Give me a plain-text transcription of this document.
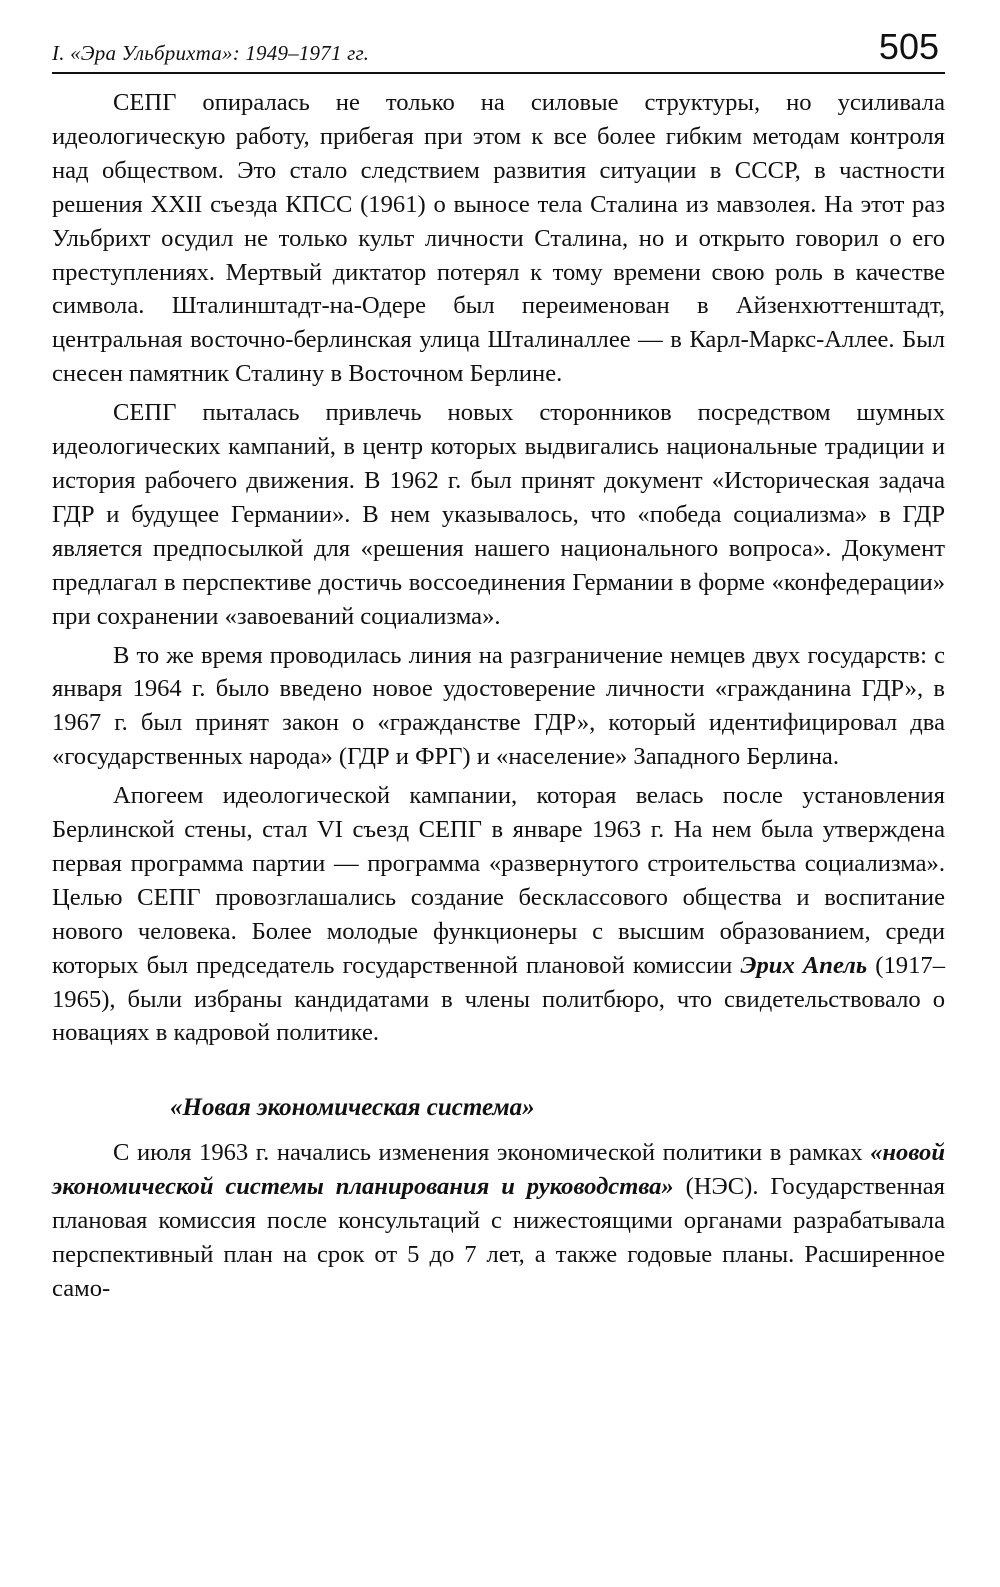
I. «Эра Ульбрихта»: 1949–1971 гг.	505

СЕПГ опиралась не только на силовые структуры, но усиливала идеологическую работу, прибегая при этом к все более гибким методам контроля над обществом. Это стало следствием развития ситуации в СССР, в частности решения XXII съезда КПСС (1961) о выносе тела Сталина из мавзолея. На этот раз Ульбрихт осудил не только культ личности Сталина, но и открыто говорил о его преступлениях. Мертвый диктатор потерял к тому времени свою роль в качестве символа. Шталинштадт-на-Одере был переименован в Айзенхюттенштадт, центральная восточно-берлинская улица Шталиналлее — в Карл-Маркс-Аллее. Был снесен памятник Сталину в Восточном Берлине.

СЕПГ пыталась привлечь новых сторонников посредством шумных идеологических кампаний, в центр которых выдвигались национальные традиции и история рабочего движения. В 1962 г. был принят документ «Историческая задача ГДР и будущее Германии». В нем указывалось, что «победа социализма» в ГДР является предпосылкой для «решения нашего национального вопроса». Документ предлагал в перспективе достичь воссоединения Германии в форме «конфедерации» при сохранении «завоеваний социализма».

В то же время проводилась линия на разграничение немцев двух государств: с января 1964 г. было введено новое удостоверение личности «гражданина ГДР», в 1967 г. был принят закон о «гражданстве ГДР», который идентифицировал два «государственных народа» (ГДР и ФРГ) и «население» Западного Берлина.

Апогеем идеологической кампании, которая велась после установления Берлинской стены, стал VI съезд СЕПГ в январе 1963 г. На нем была утверждена первая программа партии — программа «развернутого строительства социализма». Целью СЕПГ провозглашались создание бесклассового общества и воспитание нового человека. Более молодые функционеры с высшим образованием, среди которых был председатель государственной плановой комиссии Эрих Апель (1917–1965), были избраны кандидатами в члены политбюро, что свидетельствовало о новациях в кадровой политике.

«Новая экономическая система»

С июля 1963 г. начались изменения экономической политики в рамках «новой экономической системы планирования и руководства» (НЭС). Государственная плановая комиссия после консультаций с нижестоящими органами разрабатывала перспективный план на срок от 5 до 7 лет, а также годовые планы. Расширенное само-
